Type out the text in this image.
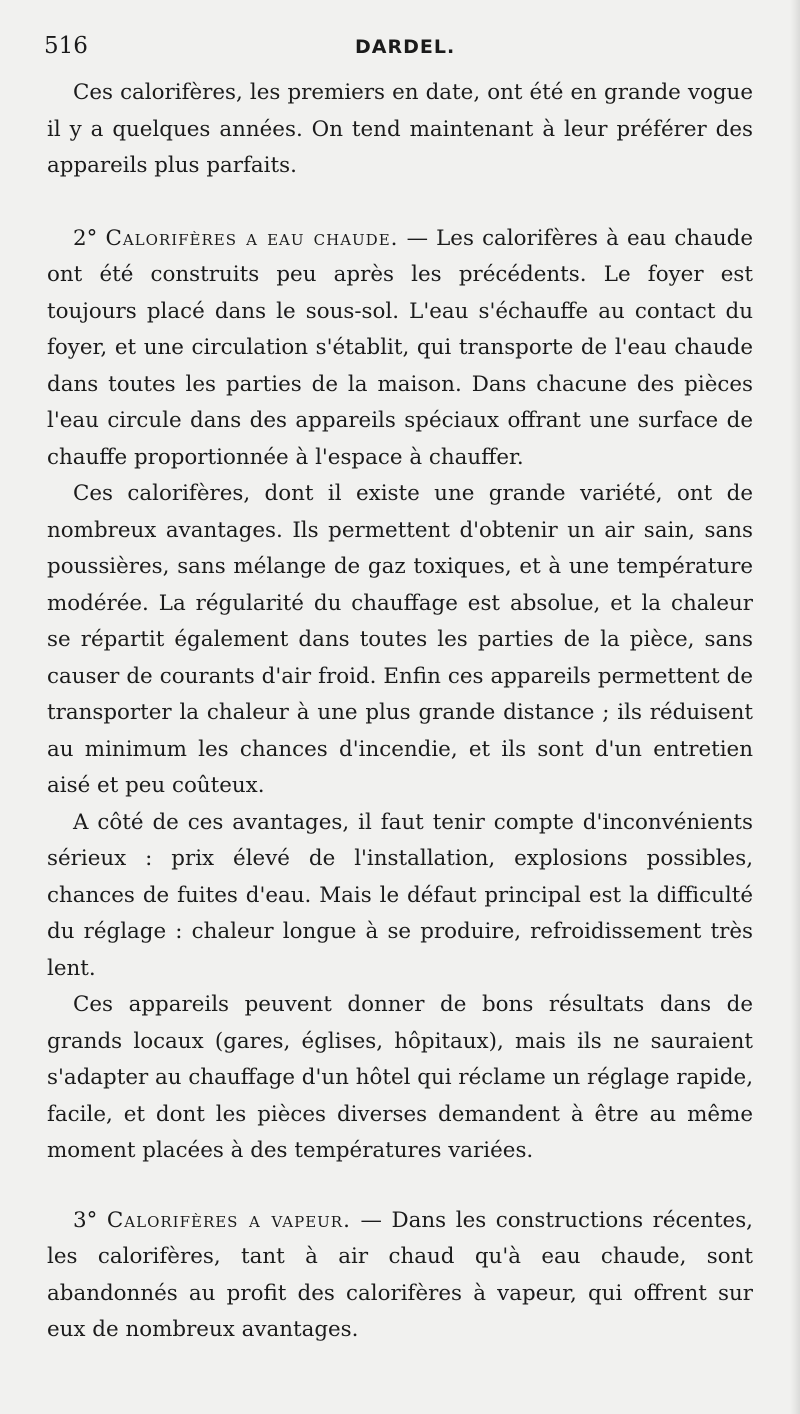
516	DARDEL.

Ces calorifères, les premiers en date, ont été en grande vogue il y a quelques années. On tend maintenant à leur préférer des appareils plus parfaits.

2° Calorifères a eau chaude. — Les calorifères à eau chaude ont été construits peu après les précédents. Le foyer est toujours placé dans le sous-sol. L'eau s'échauffe au contact du foyer, et une circulation s'établit, qui transporte de l'eau chaude dans toutes les parties de la maison. Dans chacune des pièces l'eau circule dans des appareils spéciaux offrant une surface de chauffe proportionnée à l'espace à chauffer.

Ces calorifères, dont il existe une grande variété, ont de nombreux avantages. Ils permettent d'obtenir un air sain, sans poussières, sans mélange de gaz toxiques, et à une température modérée. La régularité du chauffage est absolue, et la chaleur se répartit également dans toutes les parties de la pièce, sans causer de courants d'air froid. Enfin ces appareils permettent de transporter la chaleur à une plus grande distance ; ils réduisent au minimum les chances d'incendie, et ils sont d'un entretien aisé et peu coûteux.

A côté de ces avantages, il faut tenir compte d'inconvénients sérieux : prix élevé de l'installation, explosions possibles, chances de fuites d'eau. Mais le défaut principal est la difficulté du réglage : chaleur longue à se produire, refroidissement très lent.

Ces appareils peuvent donner de bons résultats dans de grands locaux (gares, églises, hôpitaux), mais ils ne sauraient s'adapter au chauffage d'un hôtel qui réclame un réglage rapide, facile, et dont les pièces diverses demandent à être au même moment placées à des températures variées.

3° Calorifères a vapeur. — Dans les constructions récentes, les calorifères, tant à air chaud qu'à eau chaude, sont abandonnés au profit des calorifères à vapeur, qui offrent sur eux de nombreux avantages.
